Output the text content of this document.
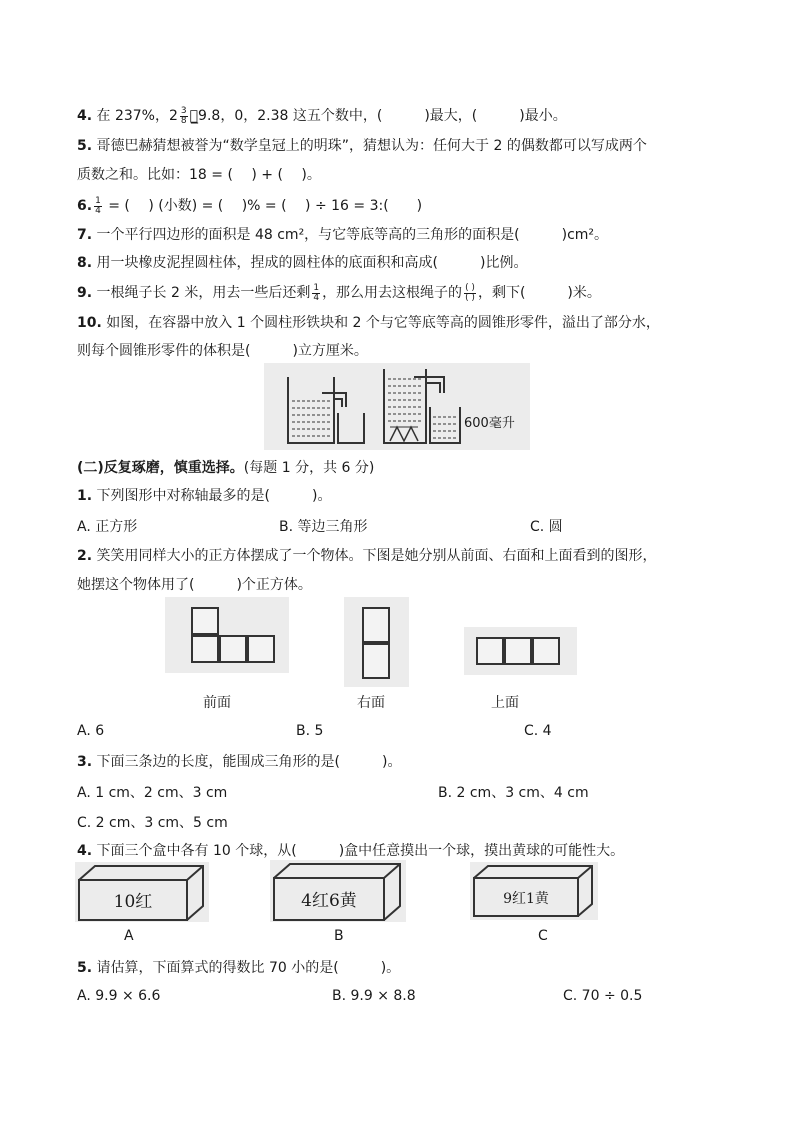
4. 在 237%，$2 \frac{3}{8}$ ，̲9.8，0，2.38 这五个数中，(　　　)最大，(　　　)最小。
5. 哥德巴赫猜想被誉为“数学皇冠上的明珠”，猜想认为：任何大于 2 的偶数都可以写成两个
质数之和。比如：18 = (　 ) + (　 )。
6. $\frac{1}{4}$ = (　 ) (小数) = (　 )% = (　 ) ÷ 16 = 3:(　　)
7. 一个平行四边形的面积是 48 cm²，与它等底等高的三角形的面积是(　　　)cm²。
8. 用一块橡皮泥捏圆柱体，捏成的圆柱体的底面积和高成(　　　)比例。
9. 一根绳子长 2 米，用去一些后还剩 $\frac{1}{4}$ ，那么用去这根绳子的 $\frac{( )}{( )}$ ，剩下(　　　)米。
10. 如图，在容器中放入 1 个圆柱形铁块和 2 个与它等底等高的圆锥形零件，溢出了部分水，
则每个圆锥形零件的体积是(　　　)立方厘米。
600毫升
(二)反复琢磨，慎重选择。(每题 1 分，共 6 分)
1. 下列图形中对称轴最多的是(　　　)。
A. 正方形	B. 等边三角形	C. 圆
2. 笑笑用同样大小的正方体摆成了一个物体。下图是她分别从前面、右面和上面看到的图形，
她摆这个物体用了(　　　)个正方体。
前面	右面	上面
A. 6	B. 5	C. 4
3. 下面三条边的长度，能围成三角形的是(　　　)。
A. 1 cm、2 cm、3 cm	B. 2 cm、3 cm、4 cm
C. 2 cm、3 cm、5 cm
4. 下面三个盒中各有 10 个球，从(　　　)盒中任意摸出一个球，摸出黄球的可能性大。
10红
A
4红6黄
B
9红1黄
C
5. 请估算，下面算式的得数比 70 小的是(　　　)。
A. 9.9 × 6.6	B. 9.9 × 8.8	C. 70 ÷ 0.5
